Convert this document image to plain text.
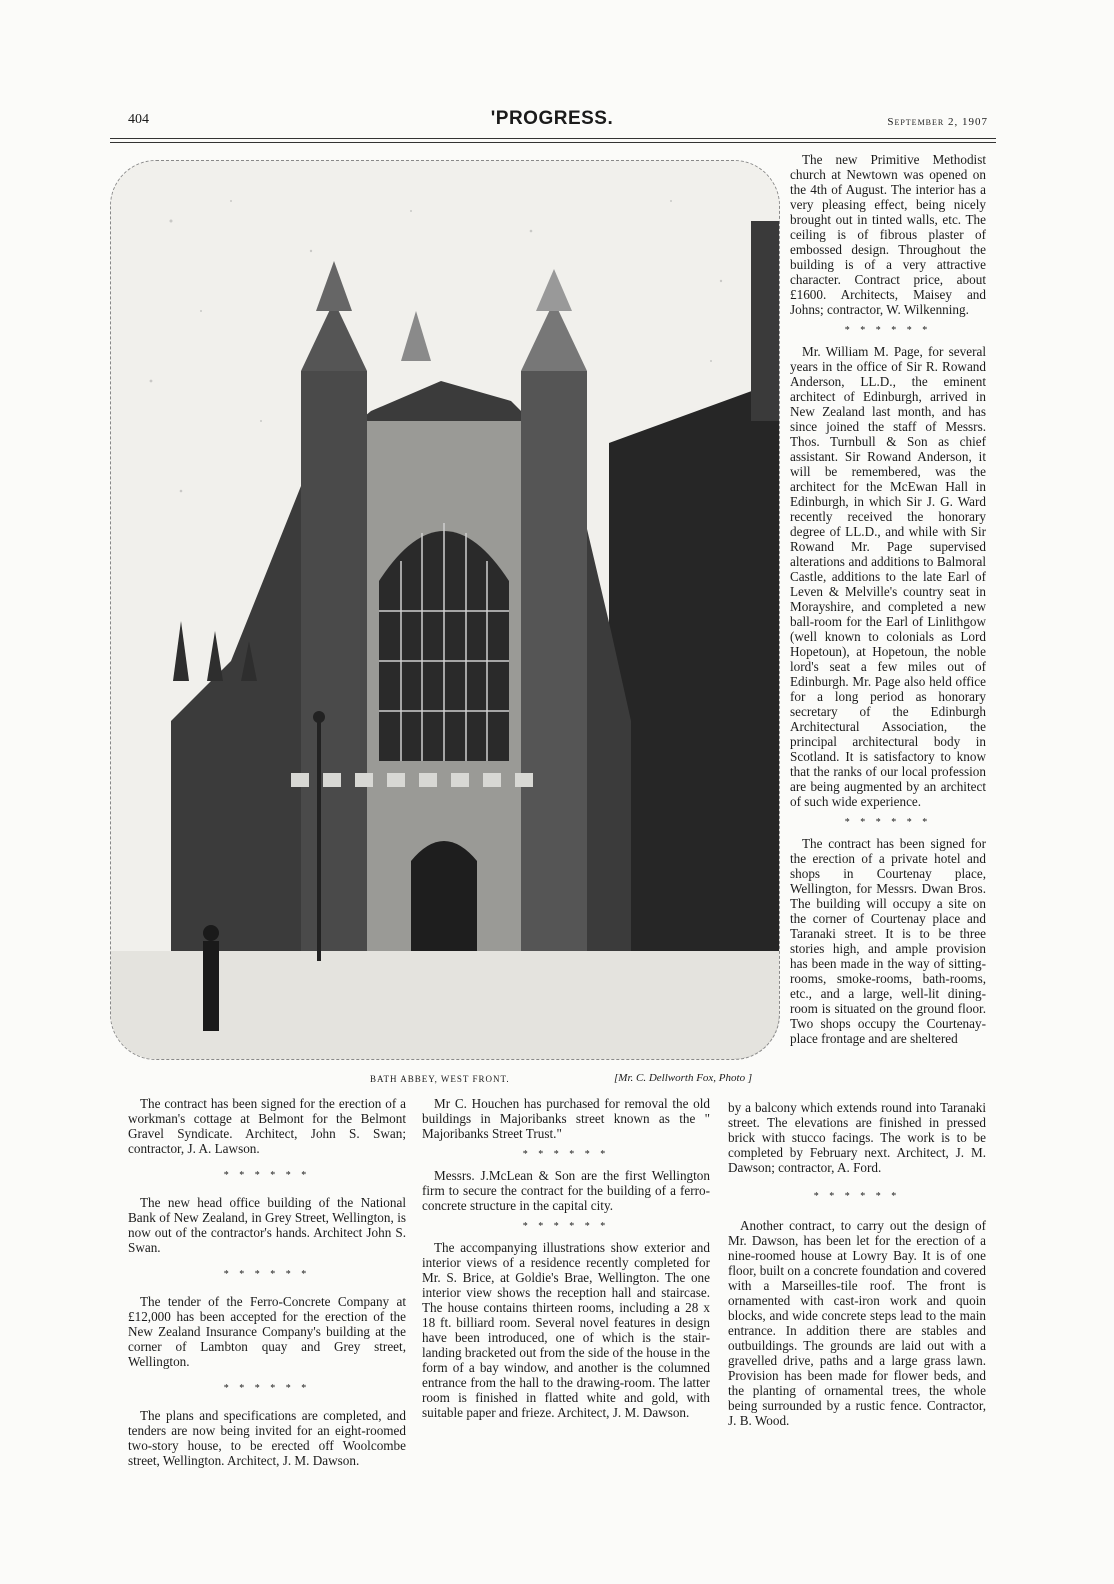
404	'PROGRESS.	September 2, 1907
BATH ABBEY, WEST FRONT.	[Mr. C. Dellworth Fox, Photo ]

The new Primitive Methodist church at Newtown was opened on the 4th of August. The interior has a very pleasing effect, being nicely brought out in tinted walls, etc. The ceiling is of fibrous plaster of embossed design. Throughout the building is of a very attractive character. Contract price, about £1600. Architects, Maisey and Johns; contractor, W. Wilkenning.

* * * * * *

Mr. William M. Page, for several years in the office of Sir R. Rowand Anderson, LL.D., the eminent architect of Edinburgh, arrived in New Zealand last month, and has since joined the staff of Messrs. Thos. Turnbull & Son as chief assistant. Sir Rowand Anderson, it will be remembered, was the architect for the McEwan Hall in Edinburgh, in which Sir J. G. Ward recently received the honorary degree of LL.D., and while with Sir Rowand Mr. Page supervised alterations and additions to Balmoral Castle, additions to the late Earl of Leven & Melville's country seat in Morayshire, and completed a new ball-room for the Earl of Linlithgow (well known to colonials as Lord Hopetoun), at Hopetoun, the noble lord's seat a few miles out of Edinburgh. Mr. Page also held office for a long period as honorary secretary of the Edinburgh Architectural Association, the principal architectural body in Scotland. It is satisfactory to know that the ranks of our local profession are being augmented by an architect of such wide experience.

* * * * * *

The contract has been signed for the erection of a private hotel and shops in Courtenay place, Wellington, for Messrs. Dwan Bros. The building will occupy a site on the corner of Courtenay place and Taranaki street. It is to be three stories high, and ample provision has been made in the way of sitting-rooms, smoke-rooms, bath-rooms, etc., and a large, well-lit dining-room is situated on the ground floor. Two shops occupy the Courtenay-place frontage and are sheltered

by a balcony which extends round into Taranaki street. The elevations are finished in pressed brick with stucco facings. The work is to be completed by February next. Architect, J. M. Dawson; contractor, A. Ford.

* * * * * *

Another contract, to carry out the design of Mr. Dawson, has been let for the erection of a nine-roomed house at Lowry Bay. It is of one floor, built on a concrete foundation and covered with a Marseilles-tile roof. The front is ornamented with cast-iron work and quoin blocks, and wide concrete steps lead to the main entrance. In addition there are stables and outbuildings. The grounds are laid out with a gravelled drive, paths and a large grass lawn. Provision has been made for flower beds, and the planting of ornamental trees, the whole being surrounded by a rustic fence. Contractor, J. B. Wood.

The contract has been signed for the erection of a workman's cottage at Belmont for the Belmont Gravel Syndicate. Architect, John S. Swan; contractor, J. A. Lawson.

* * * * * *

The new head office building of the National Bank of New Zealand, in Grey Street, Wellington, is now out of the contractor's hands. Architect John S. Swan.

* * * * * *

The tender of the Ferro-Concrete Company at £12,000 has been accepted for the erection of the New Zealand Insurance Company's building at the corner of Lambton quay and Grey street, Wellington.

* * * * * *

The plans and specifications are completed, and tenders are now being invited for an eight-roomed two-story house, to be erected off Woolcombe street, Wellington. Architect, J. M. Dawson.

Mr C. Houchen has purchased for removal the old buildings in Majoribanks street known as the " Majoribanks Street Trust."

* * * * * *

Messrs. J.McLean & Son are the first Wellington firm to secure the contract for the building of a ferro-concrete structure in the capital city.

* * * * * *

The accompanying illustrations show exterior and interior views of a residence recently completed for Mr. S. Brice, at Goldie's Brae, Wellington. The one interior view shows the reception hall and staircase. The house contains thirteen rooms, including a 28 x 18 ft. billiard room. Several novel features in design have been introduced, one of which is the stair-landing bracketed out from the side of the house in the form of a bay window, and another is the columned entrance from the hall to the drawing-room. The latter room is finished in flatted white and gold, with suitable paper and frieze. Architect, J. M. Dawson.
